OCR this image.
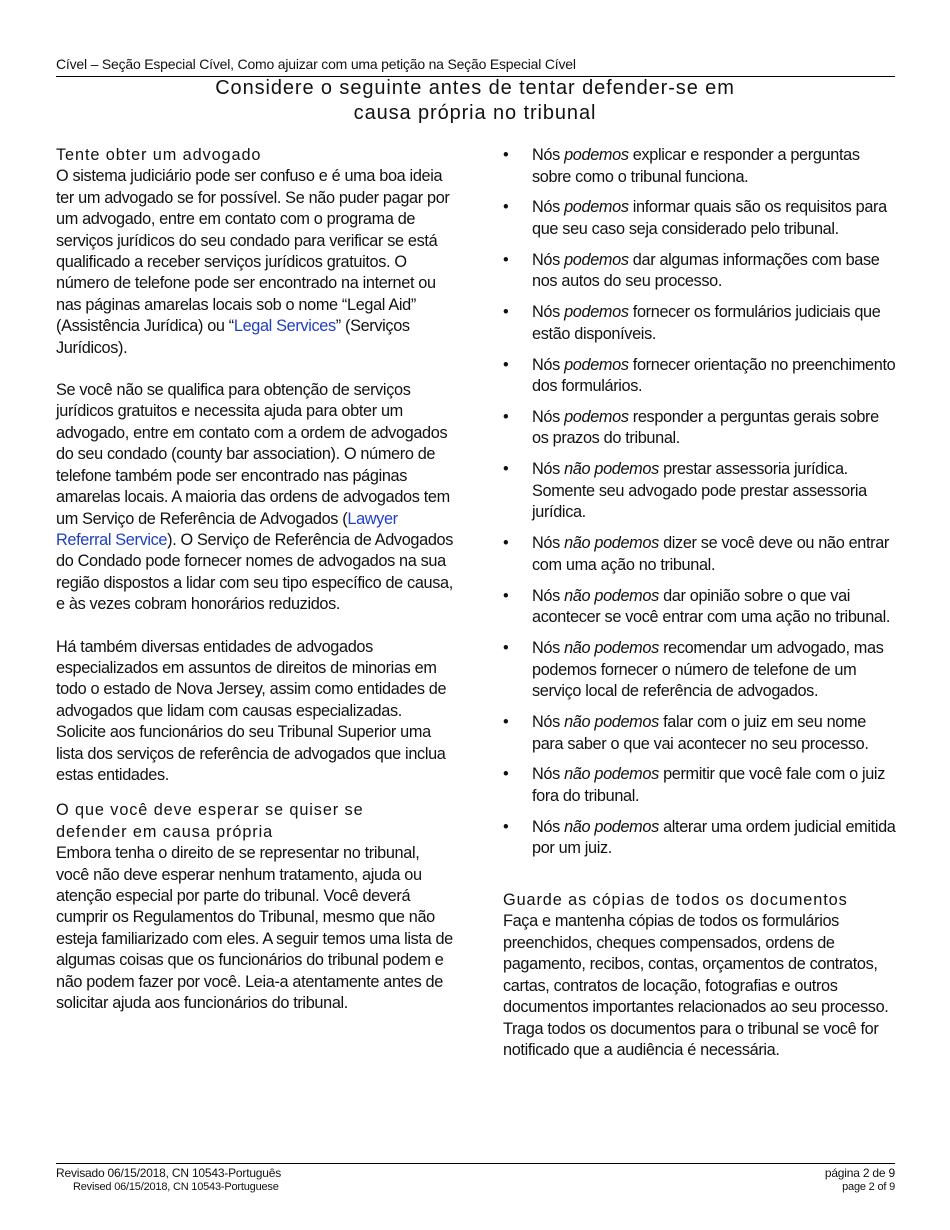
Cível – Seção Especial Cível, Como ajuizar com uma petição na Seção Especial Cível
Considere o seguinte antes de tentar defender-se em
causa própria no tribunal
Tente obter um advogado

O sistema judiciário pode ser confuso e é uma boa ideia ter um advogado se for possível. Se não puder pagar por um advogado, entre em contato com o programa de serviços jurídicos do seu condado para verificar se está qualificado a receber serviços jurídicos gratuitos. O número de telefone pode ser encontrado na internet ou nas páginas amarelas locais sob o nome “Legal Aid” (Assistência Jurídica) ou “Legal Services” (Serviços Jurídicos).

Se você não se qualifica para obtenção de serviços jurídicos gratuitos e necessita ajuda para obter um advogado, entre em contato com a ordem de advogados do seu condado (county bar association). O número de telefone também pode ser encontrado nas páginas amarelas locais. A maioria das ordens de advogados tem um Serviço de Referência de Advogados (Lawyer Referral Service). O Serviço de Referência de Advogados do Condado pode fornecer nomes de advogados na sua região dispostos a lidar com seu tipo específico de causa, e às vezes cobram honorários reduzidos.

Há também diversas entidades de advogados especializados em assuntos de direitos de minorias em todo o estado de Nova Jersey, assim como entidades de advogados que lidam com causas especializadas. Solicite aos funcionários do seu Tribunal Superior uma lista dos serviços de referência de advogados que inclua estas entidades.

O que você deve esperar se quiser se
defender em causa própria

Embora tenha o direito de se representar no tribunal, você não deve esperar nenhum tratamento, ajuda ou atenção especial por parte do tribunal. Você deverá cumprir os Regulamentos do Tribunal, mesmo que não esteja familiarizado com eles. A seguir temos uma lista de algumas coisas que os funcionários do tribunal podem e não podem fazer por você. Leia-a atentamente antes de solicitar ajuda aos funcionários do tribunal.

• Nós podemos explicar e responder a perguntas sobre como o tribunal funciona.
• Nós podemos informar quais são os requisitos para que seu caso seja considerado pelo tribunal.
• Nós podemos dar algumas informações com base nos autos do seu processo.
• Nós podemos fornecer os formulários judiciais que estão disponíveis.
• Nós podemos fornecer orientação no preenchimento dos formulários.
• Nós podemos responder a perguntas gerais sobre os prazos do tribunal.
• Nós não podemos prestar assessoria jurídica. Somente seu advogado pode prestar assessoria jurídica.
• Nós não podemos dizer se você deve ou não entrar com uma ação no tribunal.
• Nós não podemos dar opinião sobre o que vai acontecer se você entrar com uma ação no tribunal.
• Nós não podemos recomendar um advogado, mas podemos fornecer o número de telefone de um serviço local de referência de advogados.
• Nós não podemos falar com o juiz em seu nome para saber o que vai acontecer no seu processo.
• Nós não podemos permitir que você fale com o juiz fora do tribunal.
• Nós não podemos alterar uma ordem judicial emitida por um juiz.
Guarde as cópias de todos os documentos

Faça e mantenha cópias de todos os formulários preenchidos, cheques compensados, ordens de pagamento, recibos, contas, orçamentos de contratos, cartas, contratos de locação, fotografias e outros documentos importantes relacionados ao seu processo. Traga todos os documentos para o tribunal se você for notificado que a audiência é necessária.

Revisado 06/15/2018, CN 10543-Português
Revised 06/15/2018, CN 10543-Portuguese
página 2 de 9
page 2 of 9
